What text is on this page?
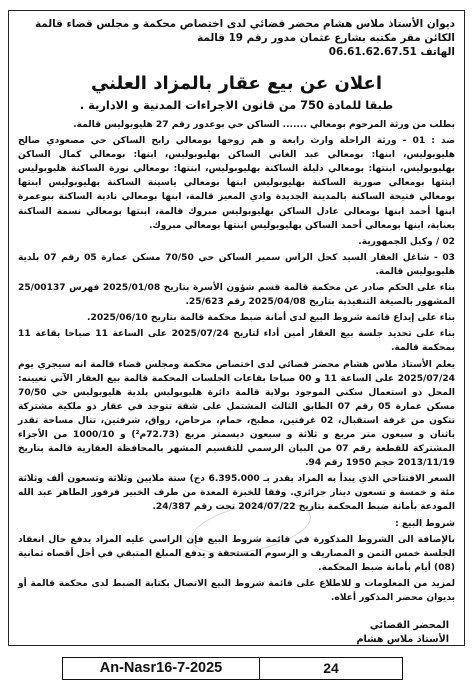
ديوان الأستاذ ملاس هشام محضر قضائي لدى اختصاص محكمة و مجلس قضاء قالمة
الكائن مقر مكتبه بشارع عثمان مدور رقم 19 قالمة
الهاتف 06.61.62.67.51
اعلان عن بيع عقار بالمزاد العلني
طبقا للمادة 750 من قانون الاجراءات المدنية و الادارية .

بطلب من ورثة المرحوم بومعالي ....... الساكن حي بوعدور رقم 27 هليوبوليس قالمة.

ضد : 01 - ورثة الراحلة وارث رابعة و هم زوجها بومعالي رابح الساكن حي مصعودي صالح هليوبوليس، ابنها: بومعالي عبد الغاني الساكن بهليوبوليس، ابنها: بومعالي كمال الساكن بهليوبوليس، ابنتها: بومعالي دليلة الساكنة بهليوبوليس، ابنتها: بومعالي نورة الساكنة هليوبوليس ابنتها بومعالي صورية الساكنة بهليوبوليس ابنها بومعالي ياسينة الساكنة بهليوبوليس ابنتها بومعالي فتيحة الساكنة بالمدينة الجديدة وادي المعيز قالمة، ابنها بومعالي نادية الساكنة ببوعمرة ابنها أحمد ابنها بومعالي عادل الساكن بهليوبوليس مبروك قالمة، ابنتها بومعالي نسمة الساكنة بعنابة، ابنها بومعالي أحمد الساكن بهليوبوليس ابنتها بومعالي مبروك.

02 / وكيل الجمهورية.

03 - شاغل العقار السيد كحل الراس سمير الساكن حي 70/50 مسكن عمارة 05 رقم 07 بلدية هليوبوليس قالمة.

بناء على الحكم صادر عن محكمة قالمة قسم شؤون الأسرة بتاريخ 2025/01/08 فهرس 25/00137 المشهور بالصيغة التنفيذية بتاريخ 2025/04/08 رقم 25/623.

بناء على إيداع قائمة شروط البيع لدى أمانة ضبط محكمة قالمة بتاريخ 2025/06/10.

بناء على تحديد جلسة بيع العقار أمين أداء لتاريخ 2025/07/24 على الساعة 11 صباحا بقاعة 11 بمحكمة قالمة.

يعلم الأستاذ ملاس هشام محضر قضائي لدى اختصاص محكمة ومجلس قضاء قالمة انه سيجري يوم 2025/07/24 على الساعة 11 و 00 صباحا بقاعات الجلسات المحكمة قالمة بيع العقار الآتي تعيينه: المحل ذو استعمال سكني الموجود بولاية قالمة دائرة هليوبوليس بلدية هليوبوليس حي 70/50 مسكن عمارة 05 رقم 07 الطابق الثالث المشتمل على شقة تتوجد في عقار ذو ملكية مشتركة تتكون من غرفة استقبال، 02 غرفتين، مطبخ، حمام، مرحاض، رواق، شرفتين، تنال مساحة تقدر باثنان و سبعون متر مربع و ثلاثة و سبعون ديسمتر مربع (72.73م²) و 1000/10 من الأجزاء المشتركة للقطعة رقم 07 من البيان الرسمي للتقسيم المشهر بالمحافظة العقارية قالمة بتاريخ 2013/11/19 حجم 1950 رقم 94.

السعر الافتتاحي الذي يبدأ به المزاد يقدر بـ 6.395.000 دج) ستة ملايين وثلاثة وتسعون ألف وثلاثة مئة و خمسة و تسعون دينار جزائري. وفقا للخبرة المعدة من طرف الخبير فرفور الطاهر عبد الله المودعة بأمانة ضبط المحكمة بتاريخ 2024/07/22 تحت رقم 24/387.

شروط البيع :

بالإضافة الى الشروط المذكورة في قائمة شروط البيع فإن الراسي عليه المزاد يدفع حال انعقاد الجلسة خمس الثمن و المصاريف و الرسوم المستحقة و يدفع المبلغ المتبقي في أجل أقصاه ثمانية (08) أيام بأمانة ضبط المحكمة.

لمزيد من المعلومات و للاطلاع على قائمة شروط البيع الاتصال بكتابة الضبط لدى محكمة قالمة أو بديوان محضر المذكور أعلاه.

المحضر القضائي
الأستاذ ملاس هشام
An-Nasr16-7-2025	24
